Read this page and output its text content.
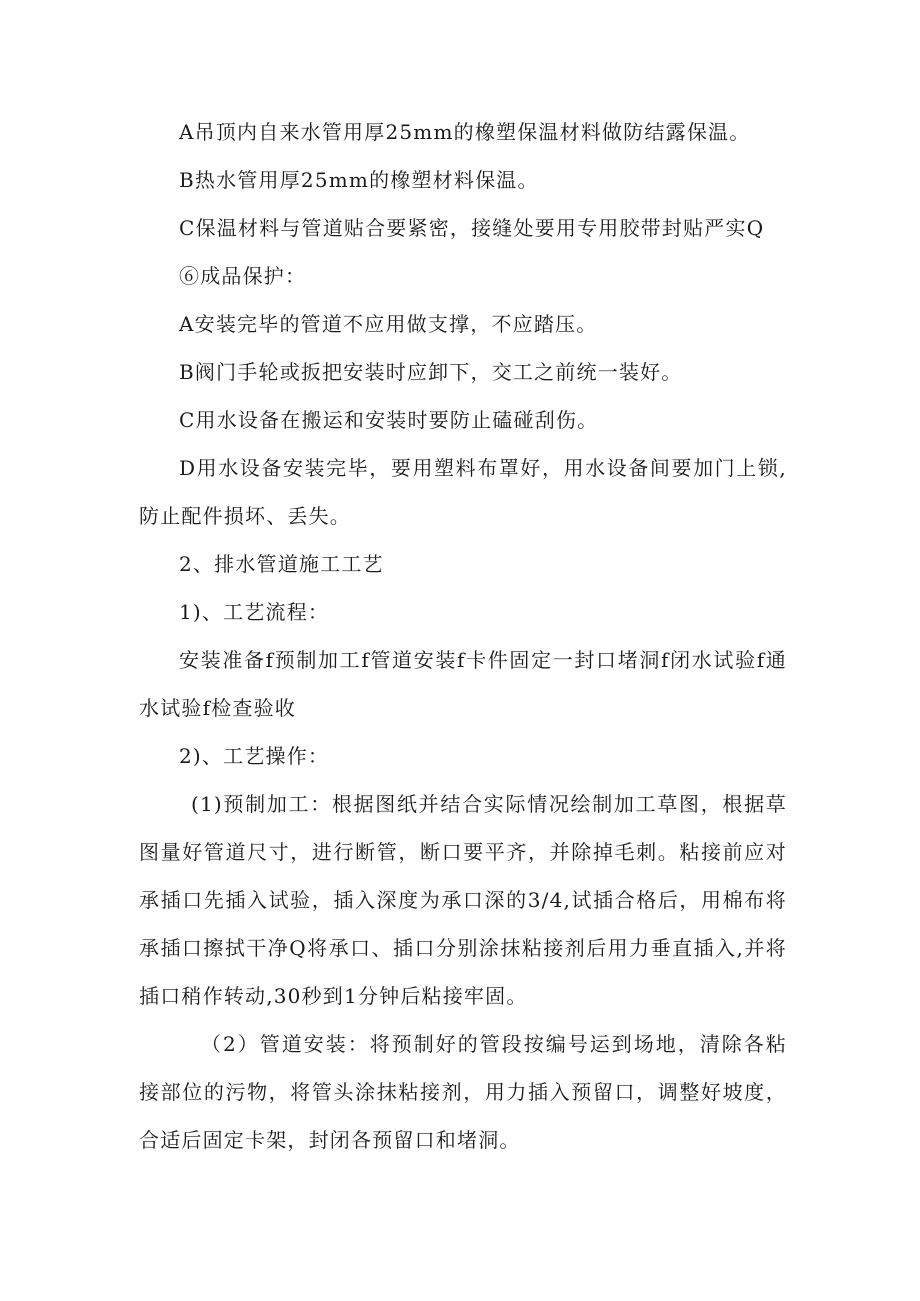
A吊顶内自来水管用厚25mm的橡塑保温材料做防结露保温。

B热水管用厚25mm的橡塑材料保温。

C保温材料与管道贴合要紧密，接缝处要用专用胶带封贴严实Q

⑥成品保护：

A安装完毕的管道不应用做支撑，不应踏压。

B阀门手轮或扳把安装时应卸下，交工之前统一装好。

C用水设备在搬运和安装时要防止磕碰刮伤。

D用水设备安装完毕，要用塑料布罩好，用水设备间要加门上锁,防止配件损坏、丢失。

2、排水管道施工工艺

1)、工艺流程：

安装准备f预制加工f管道安装f卡件固定一封口堵洞f闭水试验f通水试验f检查验收

2)、工艺操作：

(1)预制加工：根据图纸并结合实际情况绘制加工草图，根据草图量好管道尺寸，进行断管，断口要平齐，并除掉毛刺。粘接前应对承插口先插入试验，插入深度为承口深的3/4,试插合格后，用棉布将承插口擦拭干净Q将承口、插口分别涂抹粘接剂后用力垂直插入,并将插口稍作转动,30秒到1分钟后粘接牢固。

（2）管道安装：将预制好的管段按编号运到场地，清除各粘接部位的污物，将管头涂抹粘接剂，用力插入预留口，调整好坡度，合适后固定卡架，封闭各预留口和堵洞。
